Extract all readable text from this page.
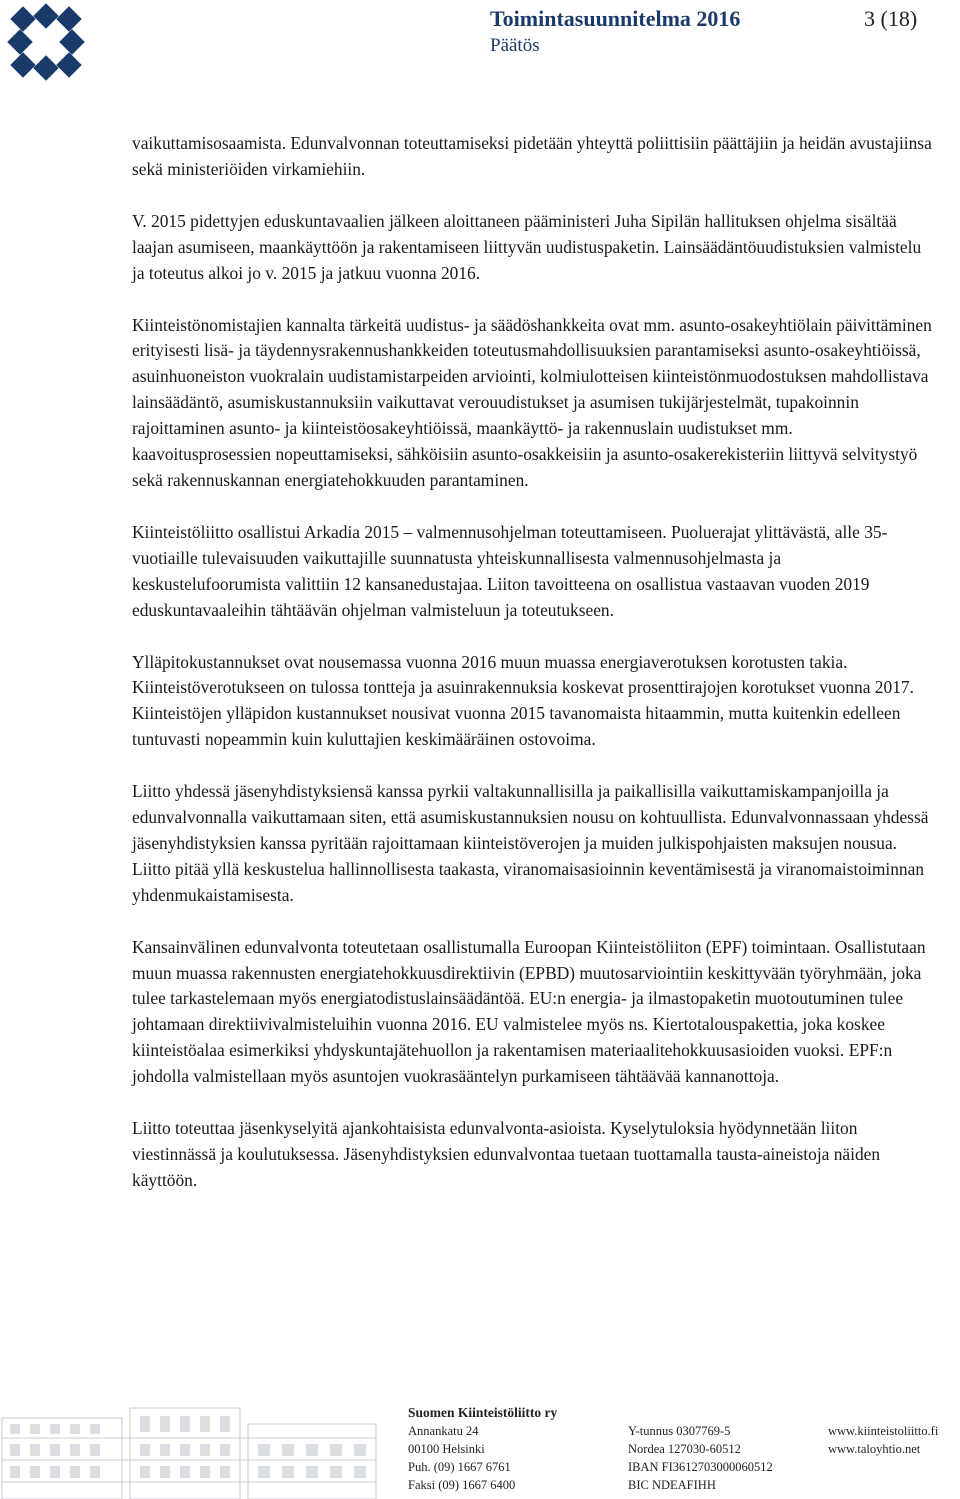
Toimintasuunnitelma 2016	3 (18)
Päätös

vaikuttamisosaamista. Edunvalvonnan toteuttamiseksi pidetään yhteyttä poliittisiin päättäjiin ja heidän avustajiinsa sekä ministeriöiden virkamiehiin.

V. 2015 pidettyjen eduskuntavaalien jälkeen aloittaneen pääministeri Juha Sipilän hallituksen ohjelma sisältää laajan asumiseen, maankäyttöön ja rakentamiseen liittyvän uudistuspaketin. Lainsäädäntöuudistuksien valmistelu ja toteutus alkoi jo v. 2015 ja jatkuu vuonna 2016.

Kiinteistönomistajien kannalta tärkeitä uudistus- ja säädöshankkeita ovat mm. asunto-osakeyhtiölain päivittäminen erityisesti lisä- ja täydennysrakennushankkeiden toteutusmahdollisuuksien parantamiseksi asunto-osakeyhtiöissä, asuinhuoneiston vuokralain uudistamistarpeiden arviointi, kolmiulotteisen kiinteistönmuodostuksen mahdollistava lainsäädäntö, asumiskustannuksiin vaikuttavat verouudistukset ja asumisen tukijärjestelmät, tupakoinnin rajoittaminen asunto- ja kiinteistöosakeyhtiöissä, maankäyttö- ja rakennuslain uudistukset mm. kaavoitusprosessien nopeuttamiseksi, sähköisiin asunto-osakkeisiin ja asunto-osakerekisteriin liittyvä selvitystyö sekä rakennuskannan energiatehokkuuden parantaminen.

Kiinteistöliitto osallistui Arkadia 2015 – valmennusohjelman toteuttamiseen. Puoluerajat ylittävästä, alle 35-vuotiaille tulevaisuuden vaikuttajille suunnatusta yhteiskunnallisesta valmennusohjelmasta ja keskustelufoorumista valittiin 12 kansanedustajaa. Liiton tavoitteena on osallistua vastaavan vuoden 2019 eduskuntavaaleihin tähtäävän ohjelman valmisteluun ja toteutukseen.

Ylläpitokustannukset ovat nousemassa vuonna 2016 muun muassa energiaverotuksen korotusten takia. Kiinteistöverotukseen on tulossa tontteja ja asuinrakennuksia koskevat prosenttirajojen korotukset vuonna 2017. Kiinteistöjen ylläpidon kustannukset nousivat vuonna 2015 tavanomaista hitaammin, mutta kuitenkin edelleen tuntuvasti nopeammin kuin kuluttajien keskimääräinen ostovoima.

Liitto yhdessä jäsenyhdistyksiensä kanssa pyrkii valtakunnallisilla ja paikallisilla vaikuttamiskampanjoilla ja edunvalvonnalla vaikuttamaan siten, että asumiskustannuksien nousu on kohtuullista. Edunvalvonnassaan yhdessä jäsenyhdistyksien kanssa pyritään rajoittamaan kiinteistöverojen ja muiden julkispohjaisten maksujen nousua. Liitto pitää yllä keskustelua hallinnollisesta taakasta, viranomaisasioinnin keventämisestä ja viranomaistoiminnan yhdenmukaistamisesta.

Kansainvälinen edunvalvonta toteutetaan osallistumalla Euroopan Kiinteistöliiton (EPF) toimintaan. Osallistutaan muun muassa rakennusten energiatehokkuusdirektiivin (EPBD) muutosarviointiin keskittyvään työryhmään, joka tulee tarkastelemaan myös energiatodistuslainsäädäntöä. EU:n energia- ja ilmastopaketin muotoutuminen tulee johtamaan direktiivivalmisteluihin vuonna 2016. EU valmistelee myös ns. Kiertotalouspakettia, joka koskee kiinteistöalaa esimerkiksi yhdyskuntajätehuollon ja rakentamisen materiaalitehokkuusasioiden vuoksi. EPF:n johdolla valmistellaan myös asuntojen vuokrasääntelyn purkamiseen tähtäävää kannanottoja.

Liitto toteuttaa jäsenkyselyitä ajankohtaisista edunvalvonta-asioista. Kyselytuloksia hyödynnetään liiton viestinnässä ja koulutuksessa. Jäsenyhdistyksien edunvalvontaa tuetaan tuottamalla tausta-aineistoja näiden käyttöön.

Suomen Kiinteistöliitto ry
Annankatu 24
00100 Helsinki
Puh. (09) 1667 6761
Faksi (09) 1667 6400
Y-tunnus 0307769-5
Nordea 127030-60512
IBAN FI3612703000060512
BIC NDEAFIHH
www.kiinteistoliitto.fi
www.taloyhtio.net
